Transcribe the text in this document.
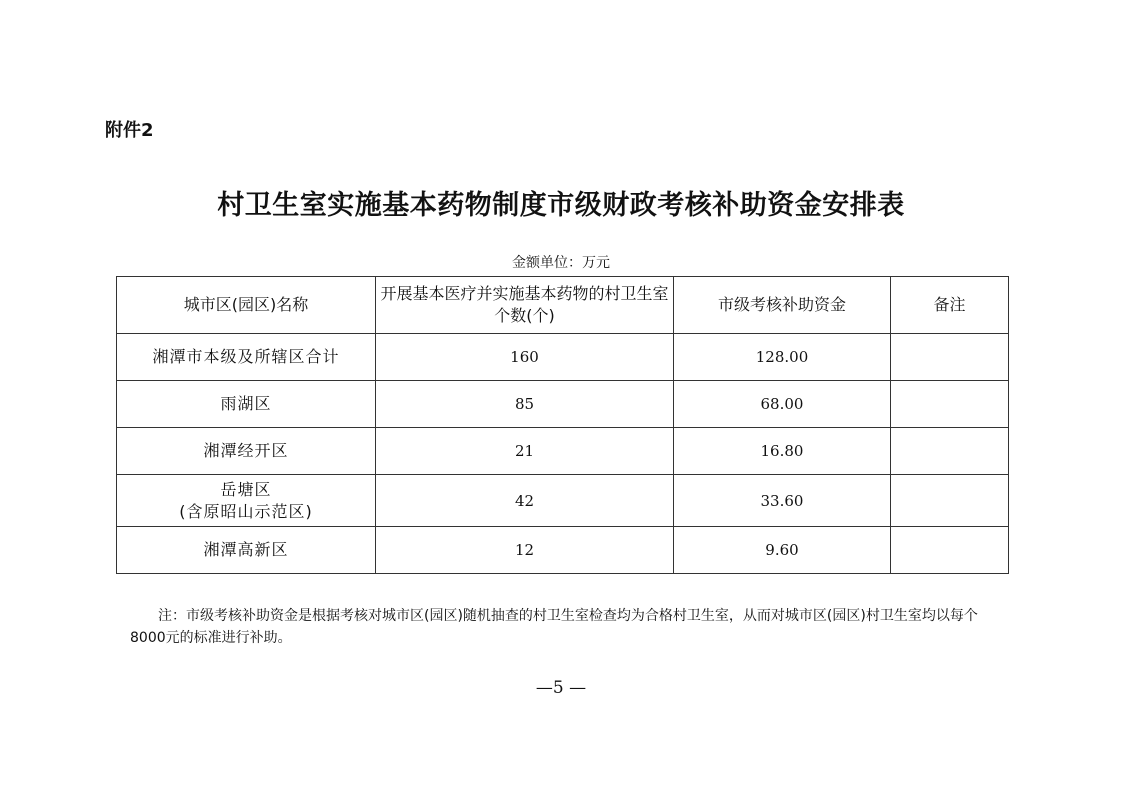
附件2
村卫生室实施基本药物制度市级财政考核补助资金安排表
金额单位：万元
城市区(园区)名称	开展基本医疗并实施基本药物的村卫生室个数(个)	市级考核补助资金	备注

湘潭市本级及所辖区合计	160	128.00	

雨湖区	85	68.00	

湘潭经开区	21	16.80	

岳塘区
(含原昭山示范区)	42	33.60	

湘潭高新区	12	9.60	
注：市级考核补助资金是根据考核对城市区(园区)随机抽查的村卫生室检查均为合格村卫生室，从而对城市区(园区)村卫生室均以每个8000元的标准进行补助。
—5 —
